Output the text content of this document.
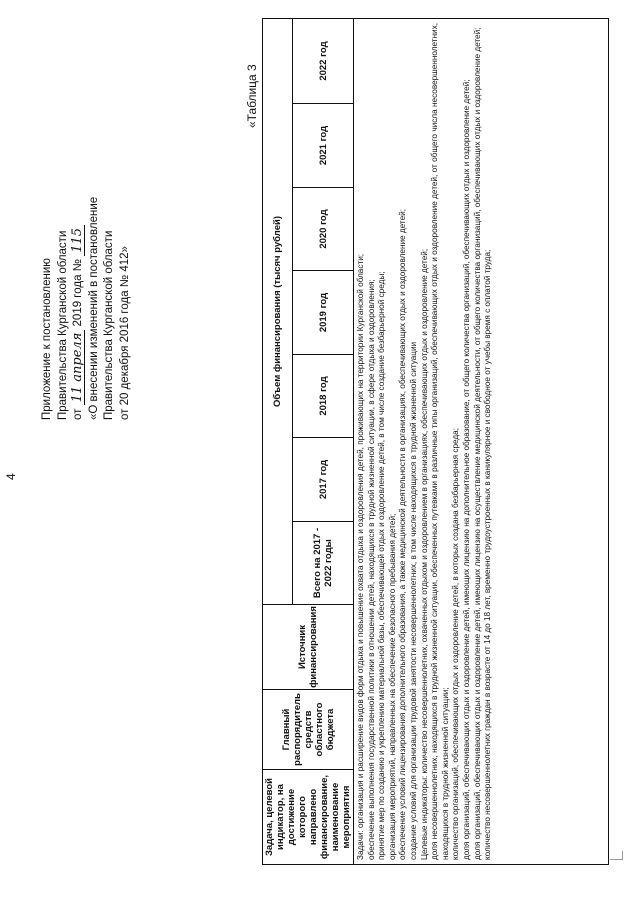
4
Приложение к постановлению Правительства Курганской области от 11 апреля 2019 года № 115 «О внесении изменений в постановление Правительства Курганской области от 20 декабря 2016 года № 412»
«Таблица 3
Задача, целевой индикатор, на достижение которого направлено финансирование, наименование мероприятия
Главный распорядитель средств областного бюджета
Источник финансирования
Объем финансирования (тысяч рублей)
Всего на 2017 - 2022 годы
2017 год
2018 год
2019 год
2020 год
2021 год
2022 год
Задачи: организация и расширение видов форм отдыха и повышение охвата отдыха и оздоровления детей, проживающих на территории Курганской области; обеспечение выполнения государственной политики в отношении детей, находящихся в трудной жизненной ситуации, в сфере отдыха и оздоровления; принятие мер по созданию и укреплению материальной базы, обеспечивающей отдых и оздоровление детей, в том числе создание безбарьерной среды; организация мероприятий, направленных на обеспечение безопасного пребывания детей; обеспечение условий лицензирования дополнительного образования, а также медицинской деятельности в организациях, обеспечивающих отдых и оздоровление детей; создание условий для организации трудовой занятости несовершеннолетних, в том числе находящихся в трудной жизненной ситуации Целевые индикаторы: количество несовершеннолетних, охваченных отдыхом и оздоровлением в организациях, обеспечивающих отдых и оздоровление детей; доля несовершеннолетних, находящихся в трудной жизненной ситуации, обеспеченных путевками в различные типы организаций, обеспечивающих отдых и оздоровление детей, от общего числа несовершеннолетних, находящихся в трудной жизненной ситуации; количество организаций, обеспечивающих отдых и оздоровление детей, в которых создана безбарьерная среда; доля организаций, обеспечивающих отдых и оздоровление детей, имеющих лицензию на дополнительное образование, от общего количества организаций, обеспечивающих отдых и оздоровление детей; доля организаций, обеспечивающих отдых и оздоровление детей, имеющих лицензию на осуществление медицинской деятельности, от общего количества организаций, обеспечивающих отдых и оздоровление детей; количество несовершеннолетних граждан в возрасте от 14 до 18 лет, временно трудоустроенных в каникулярное и свободное от учебы время с оплатой труда;
